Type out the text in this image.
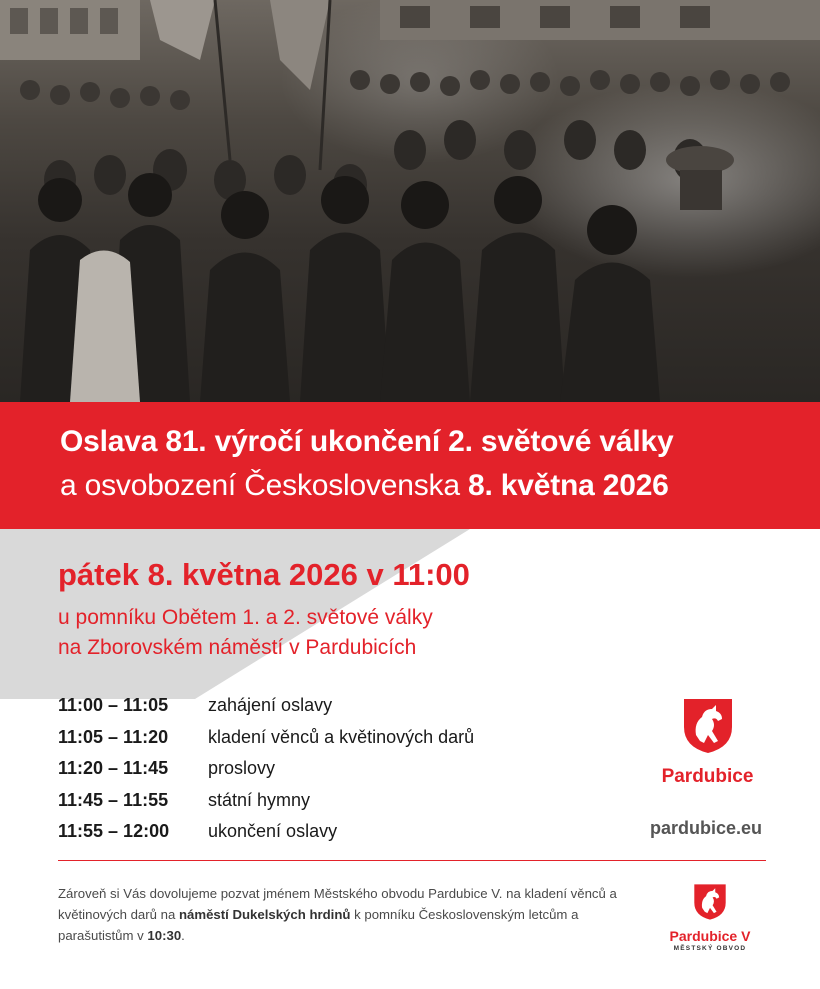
Oslava 81. výročí ukončení 2. světové války
a osvobození Československa 8. května 2026
pátek 8. května 2026 v 11:00
u pomníku Obětem 1. a 2. světové války
na Zborovském náměstí v Pardubicích
11:00 – 11:05	zahájení oslavy
11:05 – 11:20	kladení věnců a květinových darů
11:20 – 11:45	proslovy
11:45 – 11:55	státní hymny
11:55 – 12:00	ukončení oslavy
Pardubice
pardubice.eu
Zároveň si Vás dovolujeme pozvat jménem Městského obvodu Pardubice V. na kladení věnců a květinových darů na náměstí Dukelských hrdinů k pomníku Československým letcům a parašutistům v 10:30.	Pardubice V
MĚSTSKÝ OBVOD
